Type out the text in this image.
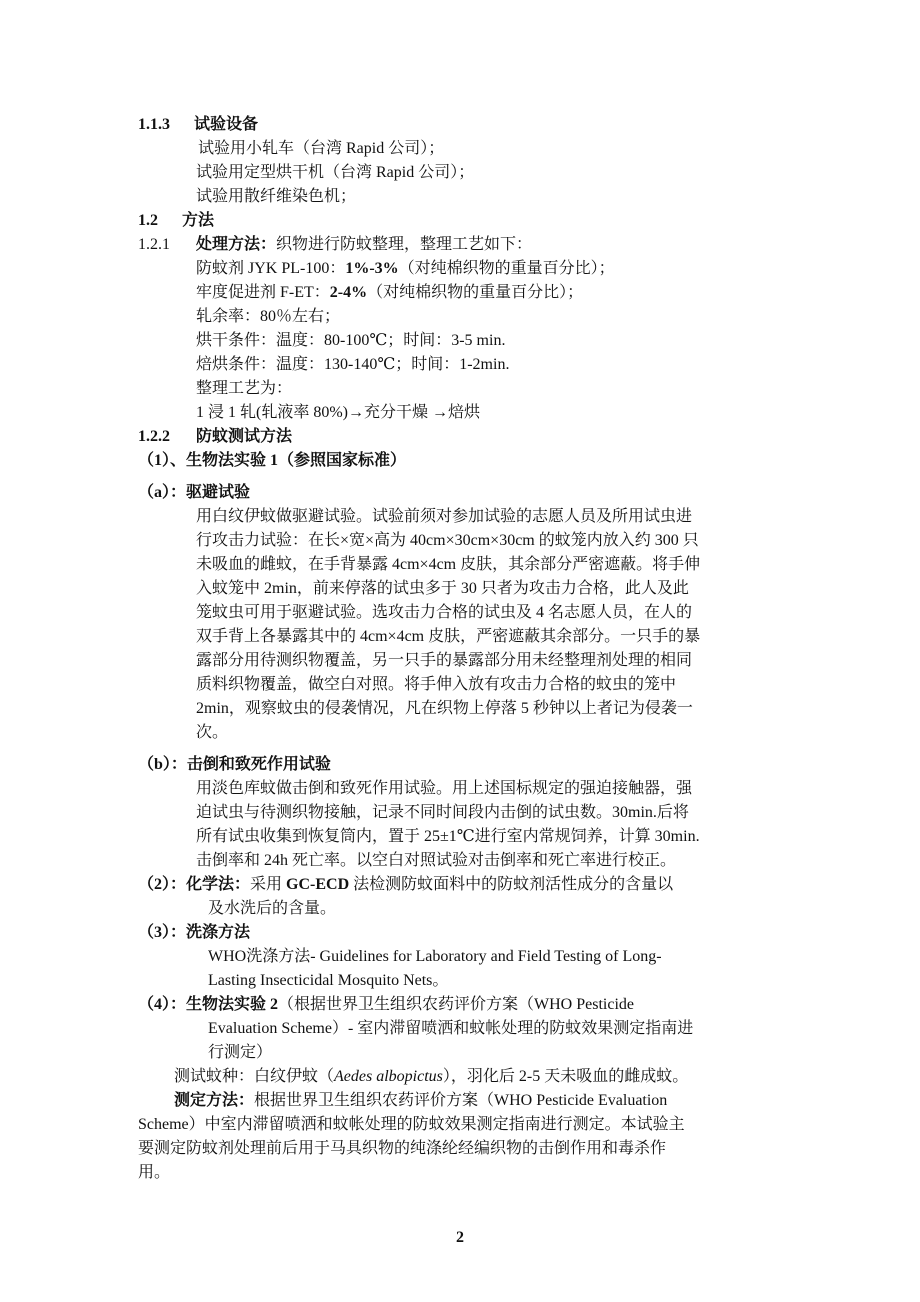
1.1.3 试验设备
试验用小轧车（台湾 Rapid 公司）；
试验用定型烘干机（台湾 Rapid 公司）；
试验用散纤维染色机；
1.2 方法
1.2.1 处理方法：织物进行防蚊整理，整理工艺如下：
防蚊剂 JYK PL-100：1%-3%（对纯棉织物的重量百分比）；
牢度促进剂 F-ET：2-4%（对纯棉织物的重量百分比）；
轧余率：80％左右；
烘干条件：温度：80-100℃；时间：3-5 min.
焙烘条件：温度：130-140℃；时间：1-2min.
整理工艺为：
1 浸 1 轧(轧液率 80%)→充分干燥 →焙烘
1.2.2 防蚊测试方法
（1）、生物法实验 1（参照国家标准）
（a）：驱避试验
用白纹伊蚊做驱避试验。试验前须对参加试验的志愿人员及所用试虫进
行攻击力试验：在长×宽×高为 40cm×30cm×30cm 的蚊笼内放入约 300 只
未吸血的雌蚊，在手背暴露 4cm×4cm 皮肤，其余部分严密遮蔽。将手伸
入蚊笼中 2min，前来停落的试虫多于 30 只者为攻击力合格，此人及此
笼蚊虫可用于驱避试验。选攻击力合格的试虫及 4 名志愿人员，在人的
双手背上各暴露其中的 4cm×4cm 皮肤，严密遮蔽其余部分。一只手的暴
露部分用待测织物覆盖，另一只手的暴露部分用未经整理剂处理的相同
质料织物覆盖，做空白对照。将手伸入放有攻击力合格的蚊虫的笼中
2min，观察蚊虫的侵袭情况，凡在织物上停落 5 秒钟以上者记为侵袭一
次。
（b）：击倒和致死作用试验
用淡色库蚊做击倒和致死作用试验。用上述国标规定的强迫接触器，强
迫试虫与待测织物接触，记录不同时间段内击倒的试虫数。30min.后将
所有试虫收集到恢复筒内，置于 25±1℃进行室内常规饲养，计算 30min.
击倒率和 24h 死亡率。以空白对照试验对击倒率和死亡率进行校正。
（2）：化学法：采用 GC-ECD 法检测防蚊面料中的防蚊剂活性成分的含量以
及水洗后的含量。
（3）：洗涤方法
WHO洗涤方法- Guidelines for Laboratory and Field Testing of Long-
Lasting Insecticidal Mosquito Nets。
（4）：生物法实验 2（根据世界卫生组织农药评价方案（WHO Pesticide
Evaluation Scheme）- 室内滞留喷洒和蚊帐处理的防蚊效果测定指南进
行测定）
测试蚊种：白纹伊蚊（Aedes albopictus），羽化后 2-5 天未吸血的雌成蚊。
测定方法：根据世界卫生组织农药评价方案（WHO Pesticide Evaluation
Scheme）中室内滞留喷洒和蚊帐处理的防蚊效果测定指南进行测定。本试验主
要测定防蚊剂处理前后用于马具织物的纯涤纶经编织物的击倒作用和毒杀作
用。
2
